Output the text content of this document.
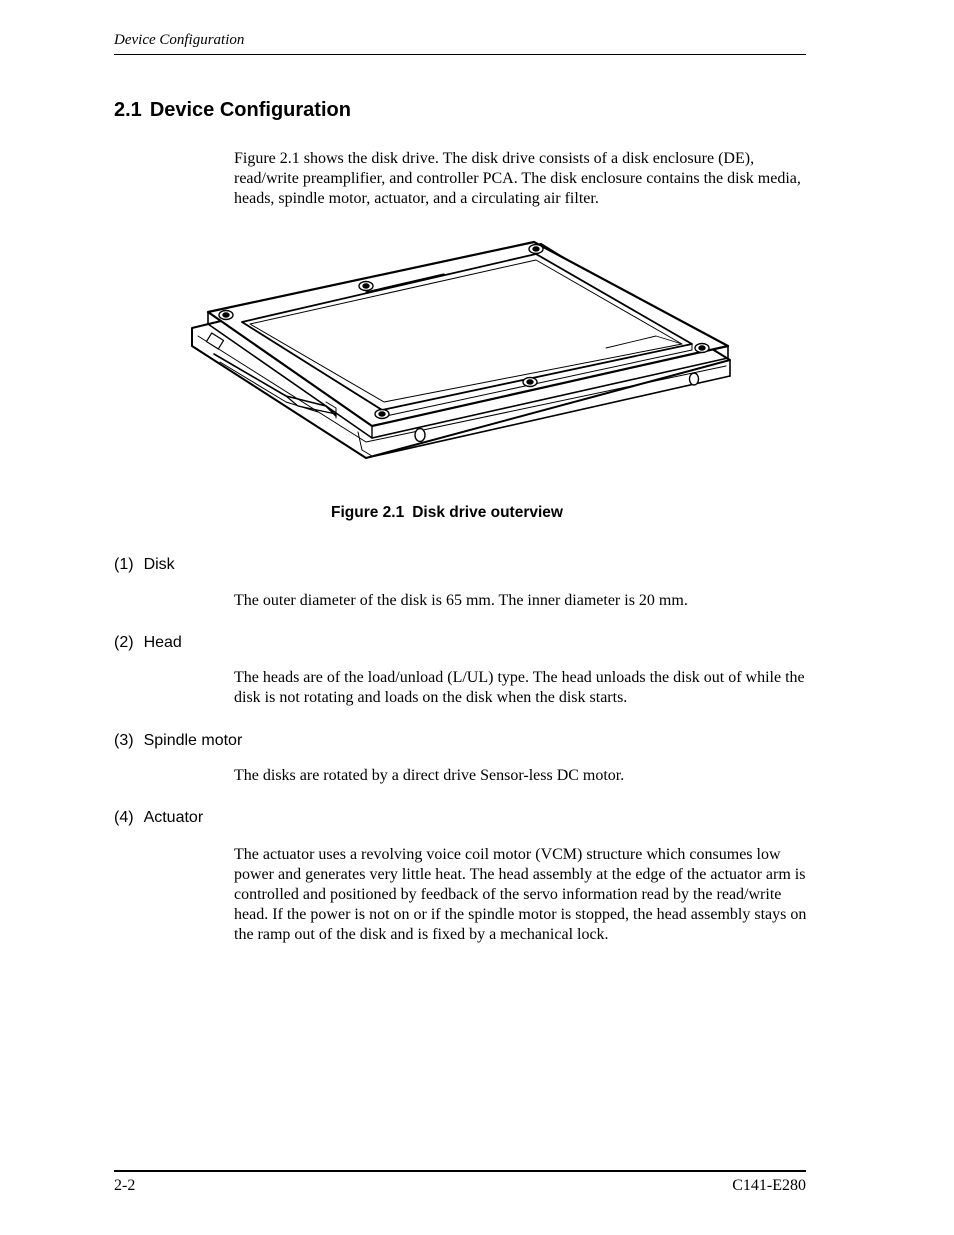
Device Configuration
2.1 Device Configuration

Figure 2.1 shows the disk drive. The disk drive consists of a disk enclosure (DE), read/write preamplifier, and controller PCA. The disk enclosure contains the disk media, heads, spindle motor, actuator, and a circulating air filter.

Figure 2.1 Disk drive outerview
(1) Disk

The outer diameter of the disk is 65 mm. The inner diameter is 20 mm.

(2) Head

The heads are of the load/unload (L/UL) type. The head unloads the disk out of while the disk is not rotating and loads on the disk when the disk starts.

(3) Spindle motor

The disks are rotated by a direct drive Sensor-less DC motor.

(4) Actuator

The actuator uses a revolving voice coil motor (VCM) structure which consumes low power and generates very little heat. The head assembly at the edge of the actuator arm is controlled and positioned by feedback of the servo information read by the read/write head. If the power is not on or if the spindle motor is stopped, the head assembly stays on the ramp out of the disk and is fixed by a mechanical lock.

2-2	C141-E280
